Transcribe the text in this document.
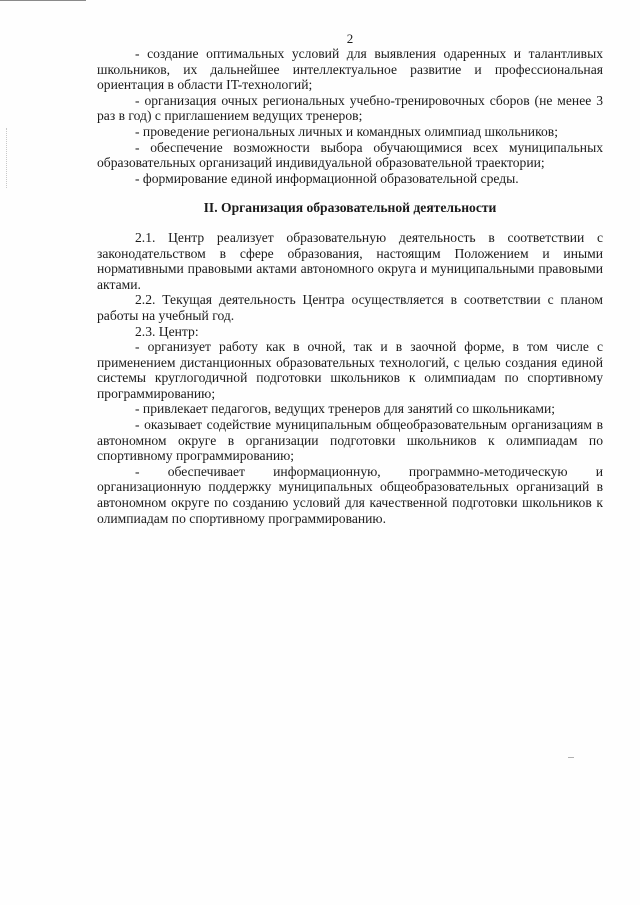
2

- создание оптимальных условий для выявления одаренных и талантливых школьников, их дальнейшее интеллектуальное развитие и профессиональная ориентация в области IT-технологий;

- организация очных региональных учебно-тренировочных сборов (не менее 3 раз в год) с приглашением ведущих тренеров;

- проведение региональных личных и командных олимпиад школьников;

- обеспечение возможности выбора обучающимися всех муниципальных образовательных организаций индивидуальной образовательной траектории;

- формирование единой информационной образовательной среды.

II. Организация образовательной деятельности

2.1. Центр реализует образовательную деятельность в соответствии с законодательством в сфере образования, настоящим Положением и иными нормативными правовыми актами автономного округа и муниципальными правовыми актами.

2.2. Текущая деятельность Центра осуществляется в соответствии с планом работы на учебный год.

2.3. Центр:

- организует работу как в очной, так и в заочной форме, в том числе с применением дистанционных образовательных технологий, с целью создания единой системы круглогодичной подготовки школьников к олимпиадам по спортивному программированию;

- привлекает педагогов, ведущих тренеров для занятий со школьниками;

- оказывает содействие муниципальным общеобразовательным организациям в автономном округе в организации подготовки школьников к олимпиадам по спортивному программированию;

- обеспечивает информационную, программно-методическую и организационную поддержку муниципальных общеобразовательных организаций в автономном округе по созданию условий для качественной подготовки школьников к олимпиадам по спортивному программированию.
